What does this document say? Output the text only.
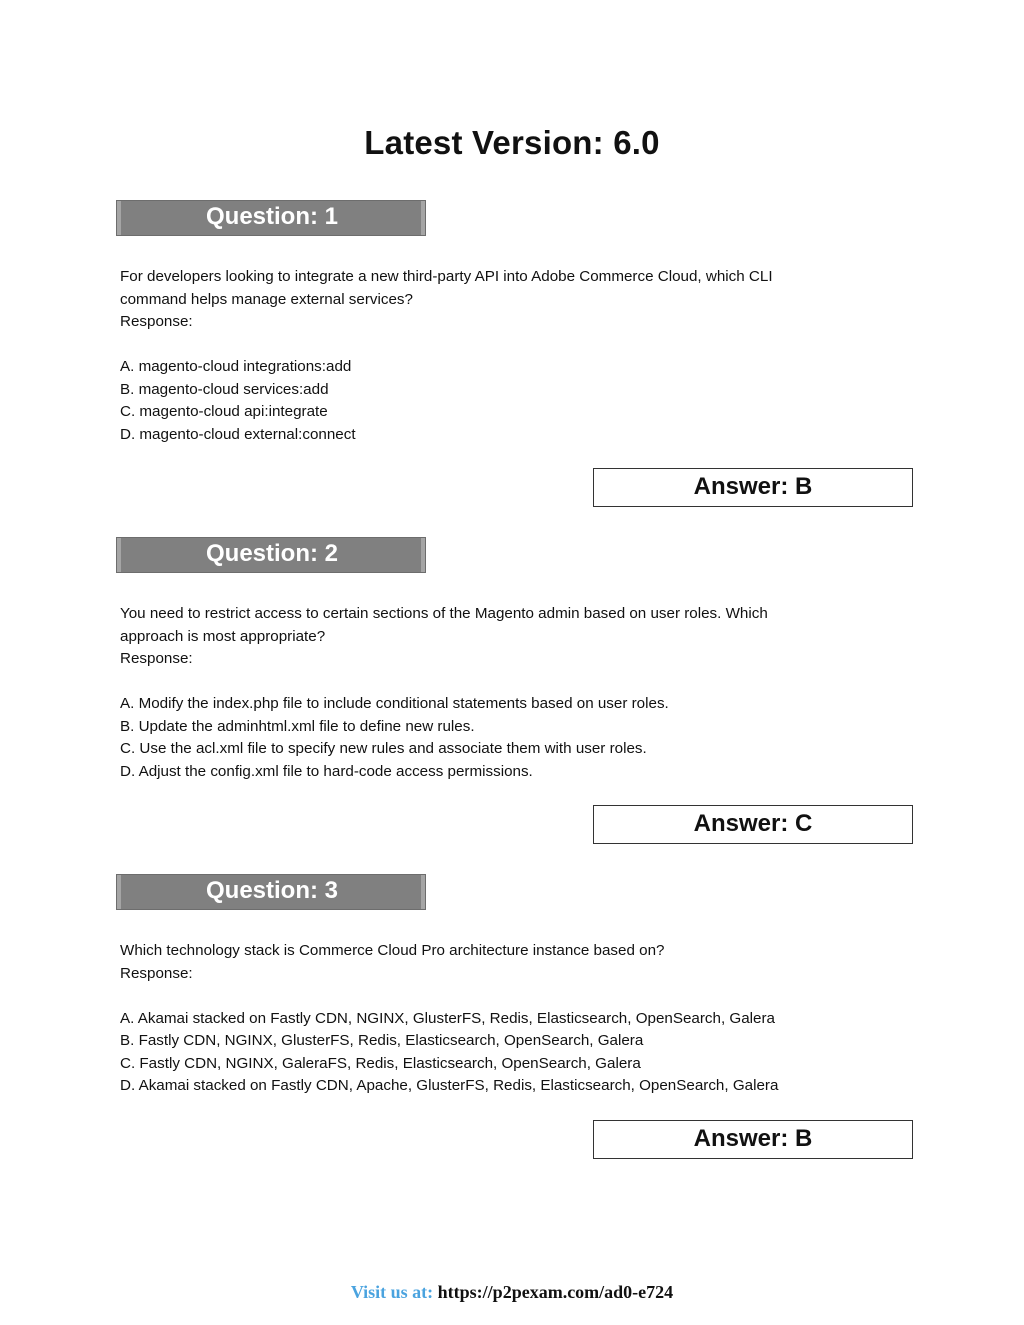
Latest Version: 6.0
Question: 1

For developers looking to integrate a new third-party API into Adobe Commerce Cloud, which CLI

command helps manage external services?

Response:

A. magento-cloud integrations:add

B. magento-cloud services:add

C. magento-cloud api:integrate

D. magento-cloud external:connect

Answer: B
Question: 2

You need to restrict access to certain sections of the Magento admin based on user roles. Which

approach is most appropriate?

Response:

A. Modify the index.php file to include conditional statements based on user roles.

B. Update the adminhtml.xml file to define new rules.

C. Use the acl.xml file to specify new rules and associate them with user roles.

D. Adjust the config.xml file to hard-code access permissions.

Answer: C
Question: 3

Which technology stack is Commerce Cloud Pro architecture instance based on?

Response:

A. Akamai stacked on Fastly CDN, NGINX, GlusterFS, Redis, Elasticsearch, OpenSearch, Galera

B. Fastly CDN, NGINX, GlusterFS, Redis, Elasticsearch, OpenSearch, Galera

C. Fastly CDN, NGINX, GaleraFS, Redis, Elasticsearch, OpenSearch, Galera

D. Akamai stacked on Fastly CDN, Apache, GlusterFS, Redis, Elasticsearch, OpenSearch, Galera

Answer: B
Visit us at: https://p2pexam.com/ad0-e724
